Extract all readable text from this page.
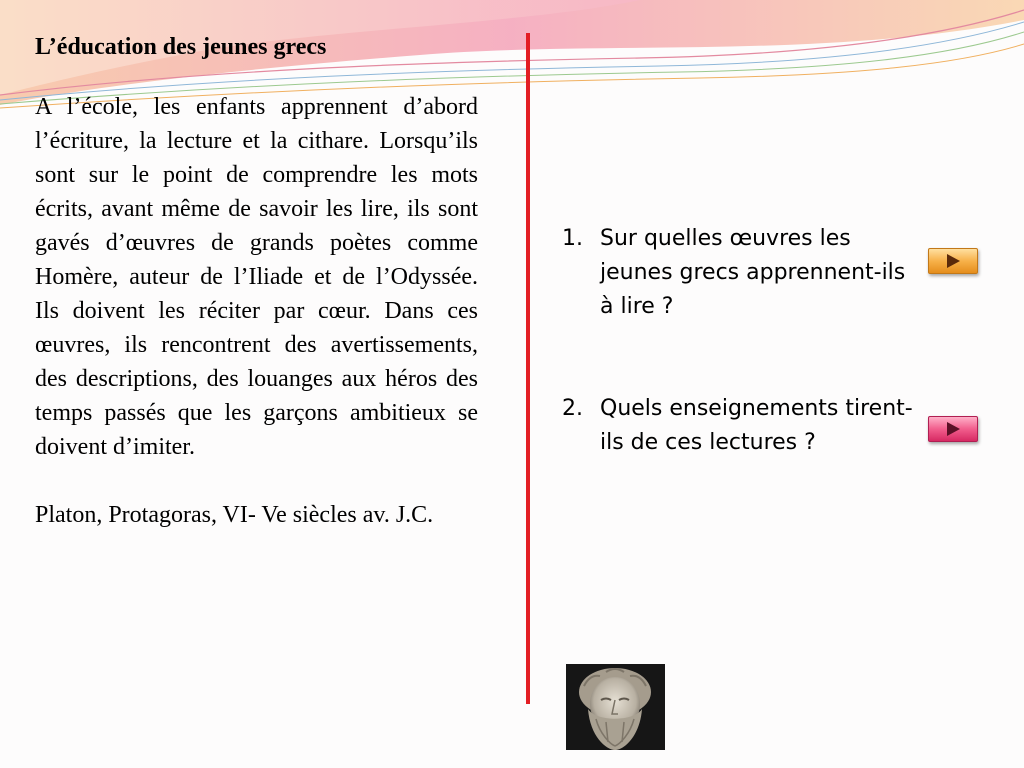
L’éducation des jeunes grecs

A l’école, les enfants apprennent d’abord l’écriture, la lecture et la cithare. Lorsqu’ils sont sur le point de comprendre les mots écrits, avant même de savoir les lire, ils sont gavés d’œuvres de grands poètes comme Homère, auteur de l’Iliade et de l’Odyssée. Ils doivent les réciter par cœur. Dans ces œuvres, ils rencontrent des avertissements, des descriptions, des louanges aux héros des temps passés que les garçons ambitieux se doivent d’imiter.

Platon, Protagoras, VI- Ve siècles av. J.C.

1. Sur quelles œuvres les jeunes grecs apprennent-ils à lire ?
2. Quels enseignements tirent-ils de ces lectures ?
